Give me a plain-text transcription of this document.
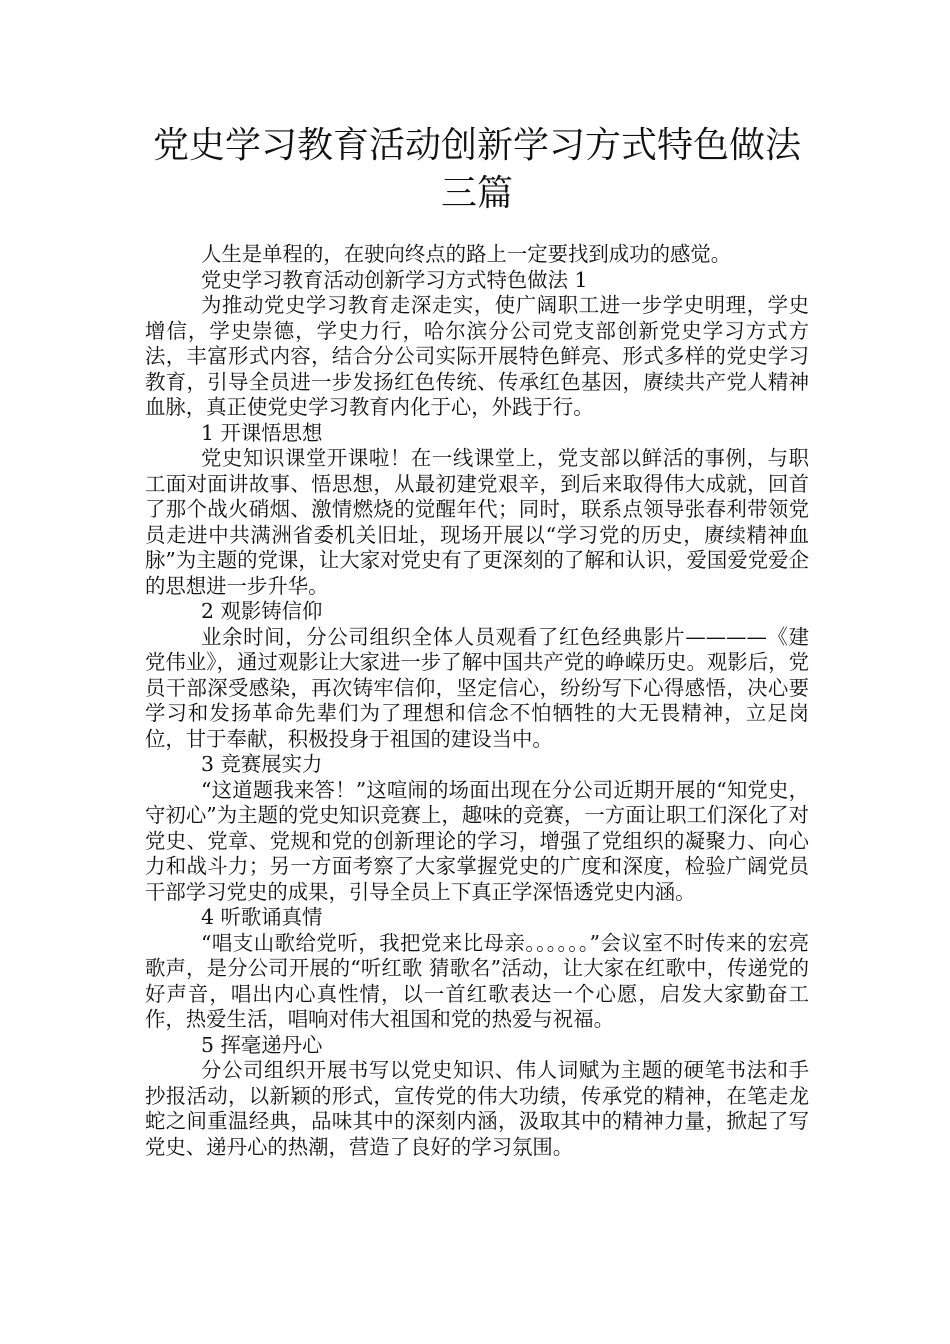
党史学习教育活动创新学习方式特色做法
三篇

人生是单程的，在驶向终点的路上一定要找到成功的感觉。

党史学习教育活动创新学习方式特色做法 1

为推动党史学习教育走深走实，使广阔职工进一步学史明理，学史增信，学史崇德，学史力行，哈尔滨分公司党支部创新党史学习方式方法，丰富形式内容，结合分公司实际开展特色鲜亮、形式多样的党史学习教育，引导全员进一步发扬红色传统、传承红色基因，赓续共产党人精神血脉，真正使党史学习教育内化于心，外践于行。

1 开课悟思想

党史知识课堂开课啦！在一线课堂上，党支部以鲜活的事例，与职工面对面讲故事、悟思想，从最初建党艰辛，到后来取得伟大成就，回首了那个战火硝烟、激情燃烧的觉醒年代；同时，联系点领导张春利带领党员走进中共满洲省委机关旧址，现场开展以“学习党的历史，赓续精神血脉”为主题的党课，让大家对党史有了更深刻的了解和认识，爱国爱党爱企的思想进一步升华。

2 观影铸信仰

业余时间，分公司组织全体人员观看了红色经典影片————《建党伟业》，通过观影让大家进一步了解中国共产党的峥嵘历史。观影后，党员干部深受感染，再次铸牢信仰，坚定信心，纷纷写下心得感悟，决心要学习和发扬革命先辈们为了理想和信念不怕牺牲的大无畏精神，立足岗位，甘于奉献，积极投身于祖国的建设当中。

3 竞赛展实力

“这道题我来答！”这喧闹的场面出现在分公司近期开展的“知党史，守初心”为主题的党史知识竞赛上，趣味的竞赛，一方面让职工们深化了对党史、党章、党规和党的创新理论的学习，增强了党组织的凝聚力、向心力和战斗力；另一方面考察了大家掌握党史的广度和深度，检验广阔党员干部学习党史的成果，引导全员上下真正学深悟透党史内涵。

4 听歌诵真情

“唱支山歌给党听，我把党来比母亲。。。。。。”会议室不时传来的宏亮歌声，是分公司开展的“听红歌 猜歌名”活动，让大家在红歌中，传递党的好声音，唱出内心真性情，以一首红歌表达一个心愿，启发大家勤奋工作，热爱生活，唱响对伟大祖国和党的热爱与祝福。

5 挥毫递丹心

分公司组织开展书写以党史知识、伟人词赋为主题的硬笔书法和手抄报活动，以新颖的形式，宣传党的伟大功绩，传承党的精神，在笔走龙蛇之间重温经典，品味其中的深刻内涵，汲取其中的精神力量，掀起了写党史、递丹心的热潮，营造了良好的学习氛围。
